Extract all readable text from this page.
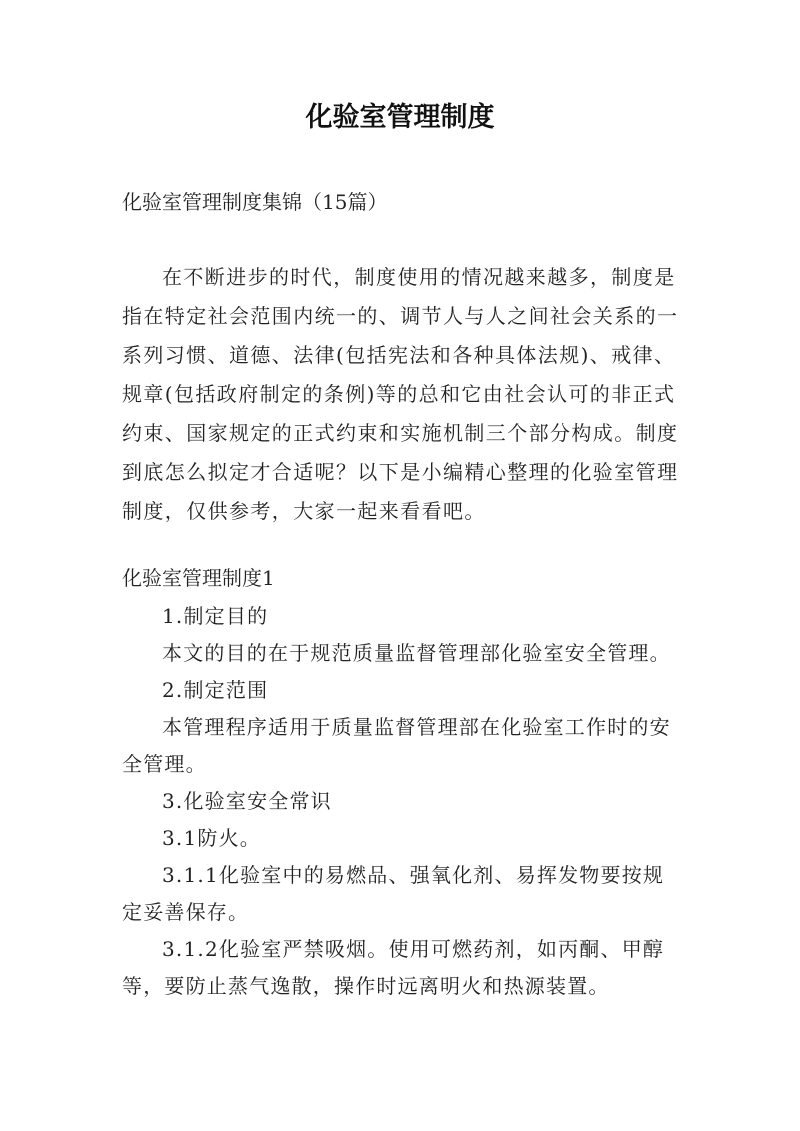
化验室管理制度
化验室管理制度集锦（15篇）

在不断进步的时代，制度使用的情况越来越多，制度是指在特定社会范围内统一的、调节人与人之间社会关系的一系列习惯、道德、法律(包括宪法和各种具体法规)、戒律、规章(包括政府制定的条例)等的总和它由社会认可的非正式约束、国家规定的正式约束和实施机制三个部分构成。制度到底怎么拟定才合适呢？以下是小编精心整理的化验室管理制度，仅供参考，大家一起来看看吧。

化验室管理制度1
1.制定目的
本文的目的在于规范质量监督管理部化验室安全管理。
2.制定范围
本管理程序适用于质量监督管理部在化验室工作时的安全管理。
3.化验室安全常识
3.1防火。
3.1.1化验室中的易燃品、强氧化剂、易挥发物要按规定妥善保存。
3.1.2化验室严禁吸烟。使用可燃药剂，如丙酮、甲醇等，要防止蒸气逸散，操作时远离明火和热源装置。
